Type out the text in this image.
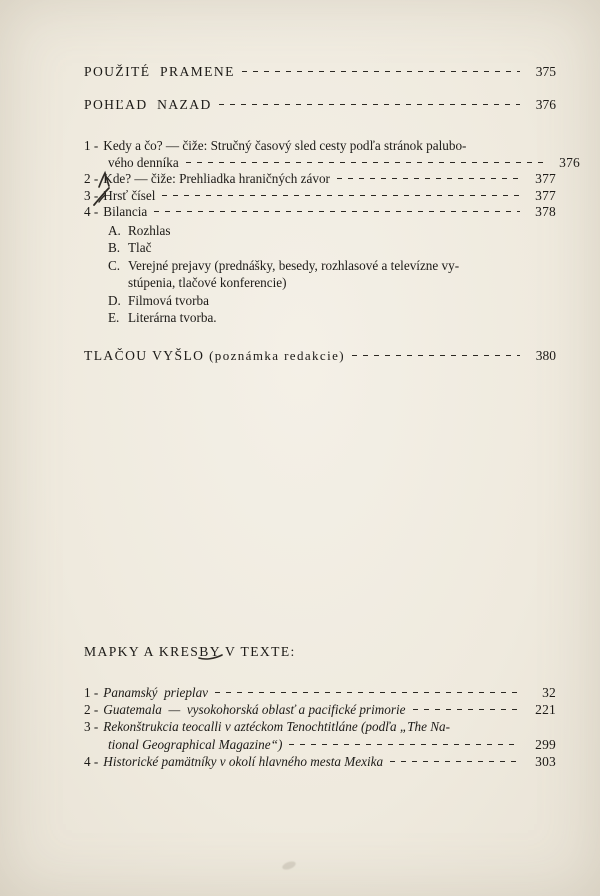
POUŽITÉ  PRAMENE	375
POHĽAD  NAZAD	376
1 - Kedy a čo? — čiže: Stručný časový sled cesty podľa stránok palubo-
vého denníka	376
2 - Kde? — čiže: Prehliadka hraničných závor	377
3 - Hrsť čísel	377
4 - Bilancia	378
A. Rozhlas
B. Tlač
C. Verejné prejavy (prednášky, besedy, rozhlasové a televízne vy-
stúpenia, tlačové konferencie)
D. Filmová tvorba
E. Literárna tvorba.
TLAČOU VYŠLO (poznámka redakcie)	380
MAPKY A KRESBY V TEXTE:
1 - Panamský  prieplav	32
2 - Guatemala  —  vysokohorská oblasť a pacifické primorie	221
3 - Rekonštrukcia teocalli v aztéckom Tenochtitláne (podľa „The Na-
tional Geographical Magazine“)	299
4 - Historické pamätníky v okolí hlavného mesta Mexika	303
